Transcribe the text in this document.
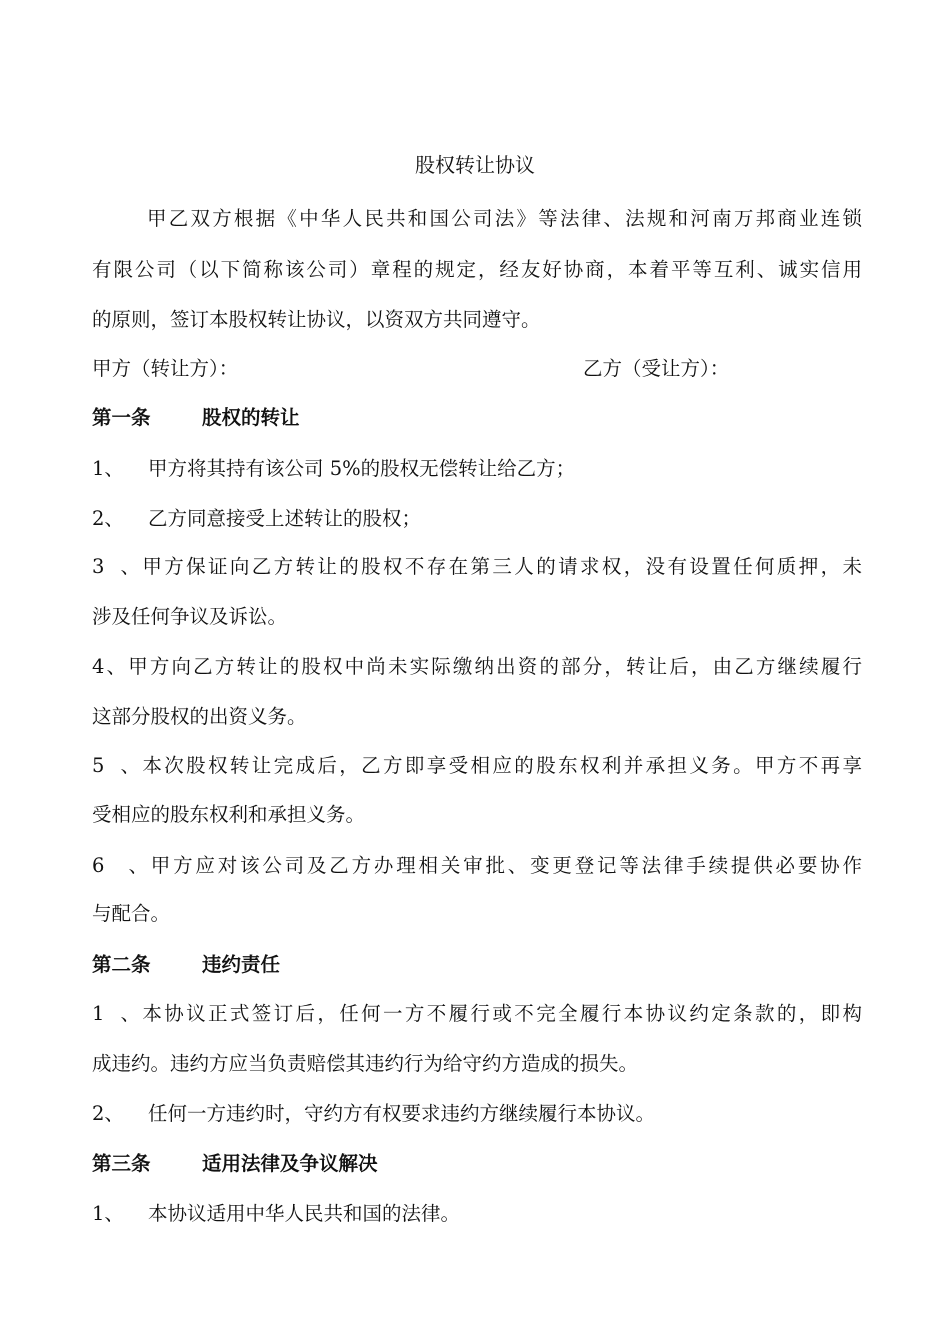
股权转让协议
甲乙双方根据《中华人民共和国公司法》等法律、法规和河南万邦商业连锁
有限公司（以下简称该公司）章程的规定，经友好协商，本着平等互利、诚实信用
的原则，签订本股权转让协议，以资双方共同遵守。
甲方（转让方）：	乙方（受让方）：
第一条	股权的转让
1、 甲方将其持有该公司 5%的股权无偿转让给乙方；
2、 乙方同意接受上述转让的股权；
3、甲方保证向乙方转让的股权不存在第三人的请求权，没有设置任何质押，未
涉及任何争议及诉讼。
4、甲方向乙方转让的股权中尚未实际缴纳出资的部分，转让后，由乙方继续履行
这部分股权的出资义务。
5、本次股权转让完成后，乙方即享受相应的股东权利并承担义务。甲方不再享
受相应的股东权利和承担义务。
6、甲方应对该公司及乙方办理相关审批、变更登记等法律手续提供必要协作
与配合。
第二条	违约责任
1、本协议正式签订后，任何一方不履行或不完全履行本协议约定条款的，即构
成违约。违约方应当负责赔偿其违约行为给守约方造成的损失。
2、 任何一方违约时，守约方有权要求违约方继续履行本协议。
第三条	适用法律及争议解决
1、 本协议适用中华人民共和国的法律。
